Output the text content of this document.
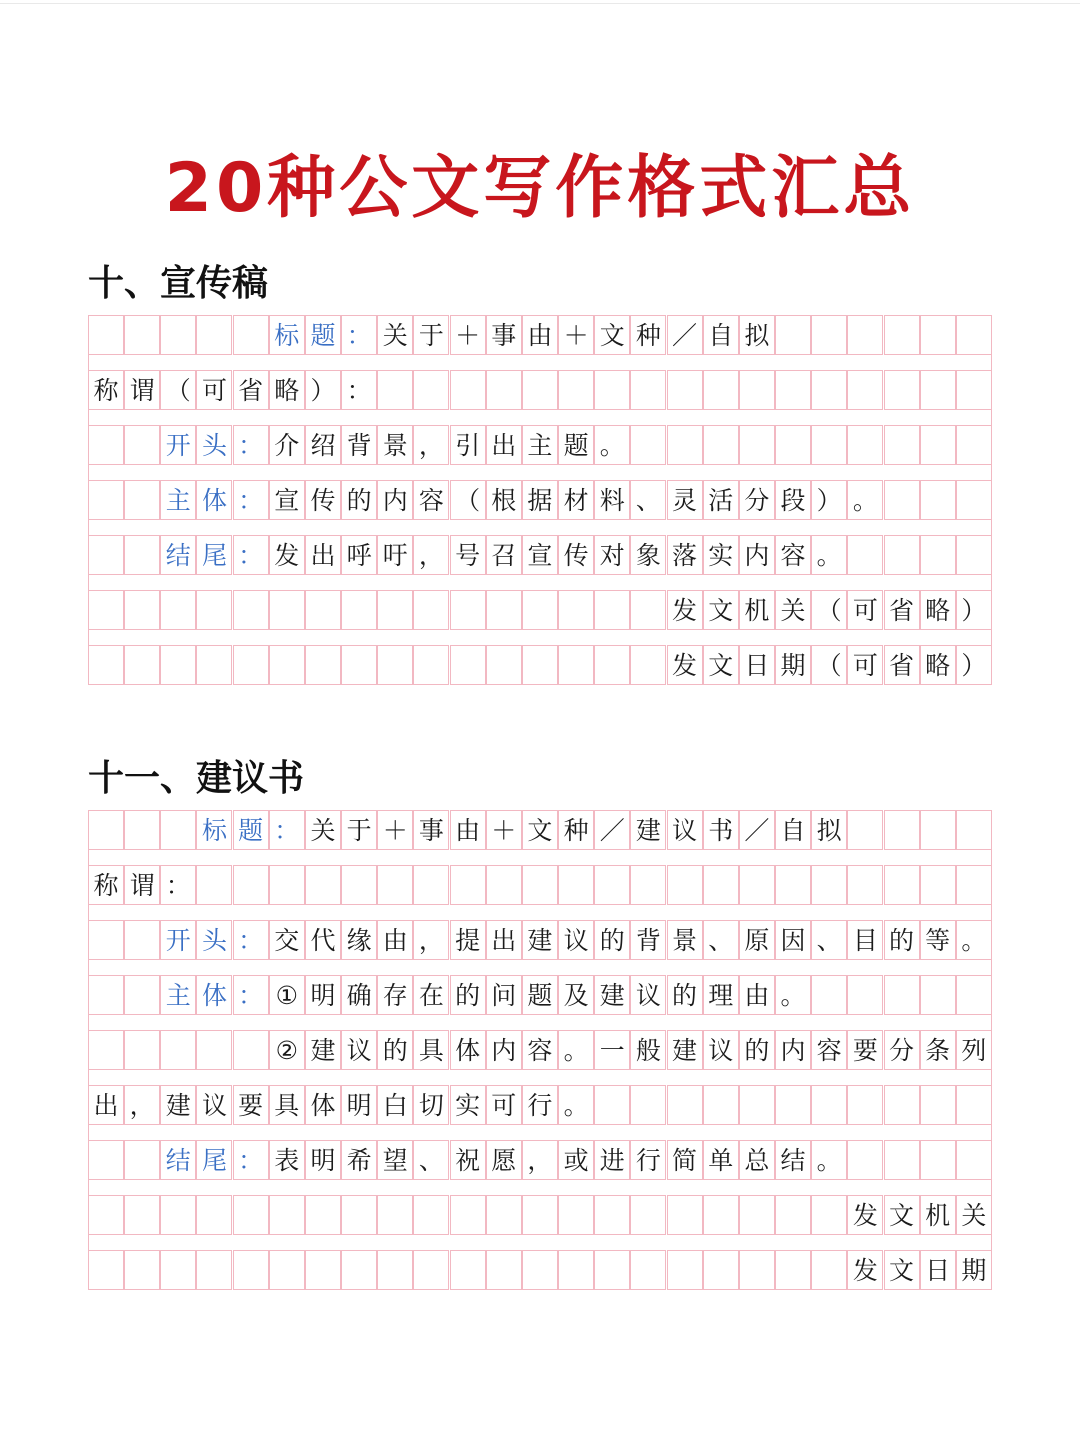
20种公文写作格式汇总
十、宣传稿
标 题 ： 关 于 ＋ 事 由 ＋ 文 种 ／ 自 拟
称 谓 （ 可 省 略 ） ：
开 头 ： 介 绍 背 景 ， 引 出 主 题 。
主 体 ： 宣 传 的 内 容 （ 根 据 材 料 、 灵 活 分 段 ） 。
结 尾 ： 发 出 呼 吁 ， 号 召 宣 传 对 象 落 实 内 容 。
发 文 机 关 （ 可 省 略 ）
发 文 日 期 （ 可 省 略 ）
十一、建议书
标 题 ： 关 于 ＋ 事 由 ＋ 文 种 ／ 建 议 书 ／ 自 拟
称 谓 ：
开 头 ： 交 代 缘 由 ， 提 出 建 议 的 背 景 、 原 因 、 目 的 等 。
主 体 ： ① 明 确 存 在 的 问 题 及 建 议 的 理 由 。
② 建 议 的 具 体 内 容 。 一 般 建 议 的 内 容 要 分 条 列
出 ， 建 议 要 具 体 明 白 切 实 可 行 。
结 尾 ： 表 明 希 望 、 祝 愿 ， 或 进 行 简 单 总 结 。
发 文 机 关
发 文 日 期
